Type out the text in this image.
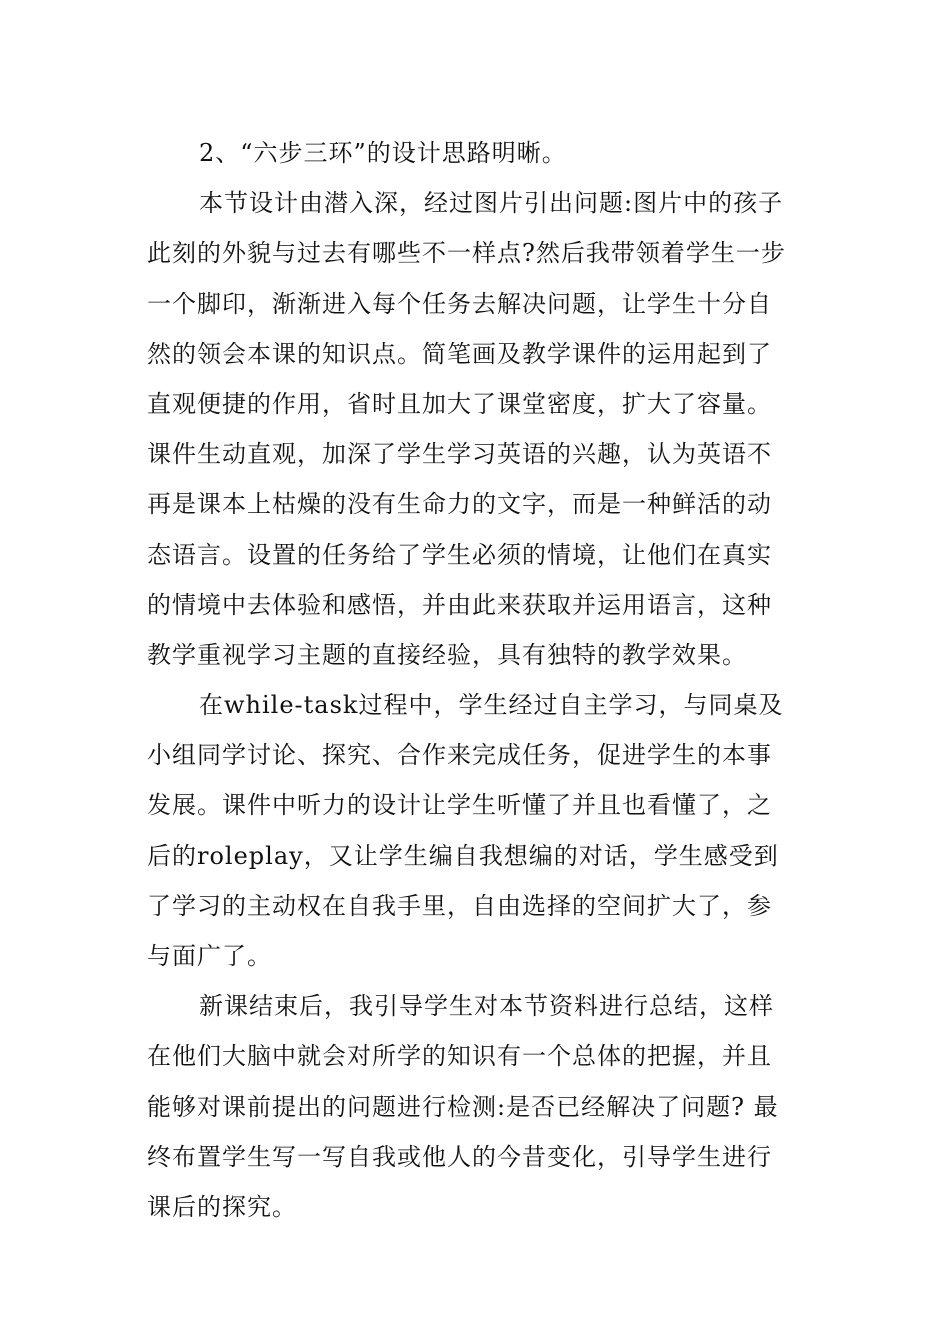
2、“六步三环”的设计思路明晰。
本节设计由潜入深，经过图片引出问题:图片中的孩子
此刻的外貌与过去有哪些不一样点?然后我带领着学生一步
一个脚印，渐渐进入每个任务去解决问题，让学生十分自
然的领会本课的知识点。简笔画及教学课件的运用起到了
直观便捷的作用，省时且加大了课堂密度，扩大了容量。
课件生动直观，加深了学生学习英语的兴趣，认为英语不
再是课本上枯燥的没有生命力的文字，而是一种鲜活的动
态语言。设置的任务给了学生必须的情境，让他们在真实
的情境中去体验和感悟，并由此来获取并运用语言，这种
教学重视学习主题的直接经验，具有独特的教学效果。
在while-task过程中，学生经过自主学习，与同桌及
小组同学讨论、探究、合作来完成任务，促进学生的本事
发展。课件中听力的设计让学生听懂了并且也看懂了，之
后的roleplay，又让学生编自我想编的对话，学生感受到
了学习的主动权在自我手里，自由选择的空间扩大了，参
与面广了。
新课结束后，我引导学生对本节资料进行总结，这样
在他们大脑中就会对所学的知识有一个总体的把握，并且
能够对课前提出的问题进行检测:是否已经解决了问题? 最
终布置学生写一写自我或他人的今昔变化，引导学生进行
课后的探究。
